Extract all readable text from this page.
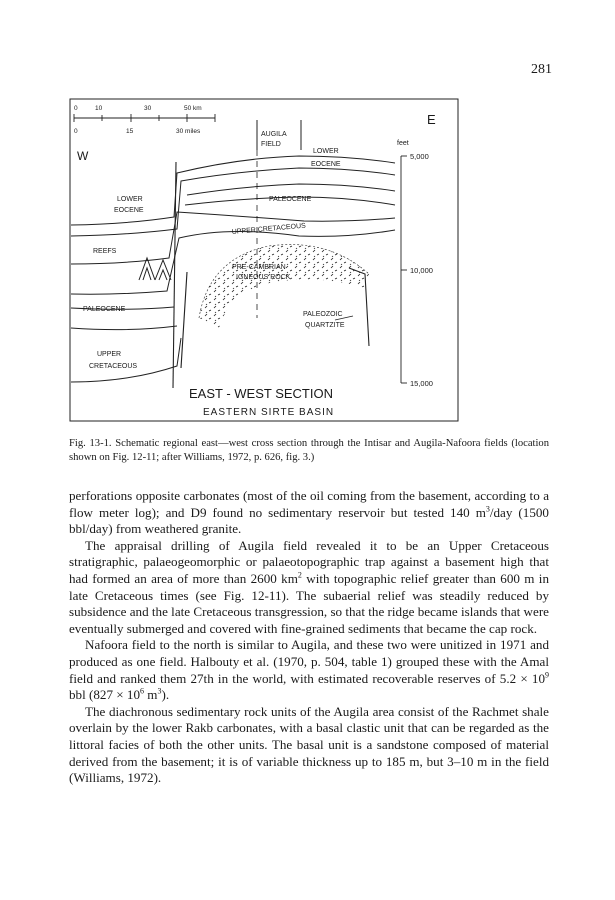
281
0	10	30	50 km
0	15	30 miles
W
E
AUGILA
FIELD	feet
5,000
10,000
15,000
LOWER
EOCENE
LOWER
EOCENE
PALEOCENE
UPPER CRETACEOUS
REEFS
PRE-CAMBRIAN
IGNEOUS ROCK
PALEOCENE
PALEOZOIC
QUARTZITE
UPPER
CRETACEOUS
EAST - WEST SECTION
EASTERN SIRTE BASIN
Fig. 13-1. Schematic regional east—west cross section through the Intisar and Augila-Nafoora fields (location shown on Fig. 12-11; after Williams, 1972, p. 626, fig. 3.)

perforations opposite carbonates (most of the oil coming from the basement, according to a flow meter log); and D9 found no sedimentary reservoir but tested 140 $m^3$/day (1500 bbl/day) from weathered granite.

The appraisal drilling of Augila field revealed it to be an Upper Cretaceous stratigraphic, palaeogeomorphic or palaeotopographic trap against a basement high that had formed an area of more than 2600 $km^2$ with topographic relief greater than 600 m in late Cretaceous times (see Fig. 12-11). The subaerial relief was steadily reduced by subsidence and the late Cretaceous transgression, so that the ridge became islands that were eventually submerged and covered with fine-grained sediments that became the cap rock.

Nafoora field to the north is similar to Augila, and these two were unitized in 1971 and produced as one field. Halbouty et al. (1970, p. 504, table 1) grouped these with the Amal field and ranked them 27th in the world, with estimated recoverable reserves of $5.2 \times 10^9$ bbl ($827 \times 10^6$ $m^3$).

The diachronous sedimentary rock units of the Augila area consist of the Rachmet shale overlain by the lower Rakb carbonates, with a basal clastic unit that can be regarded as the littoral facies of both the other units. The basal unit is a sandstone composed of material derived from the basement; it is of variable thickness up to 185 m, but 3–10 m in the field (Williams, 1972).
